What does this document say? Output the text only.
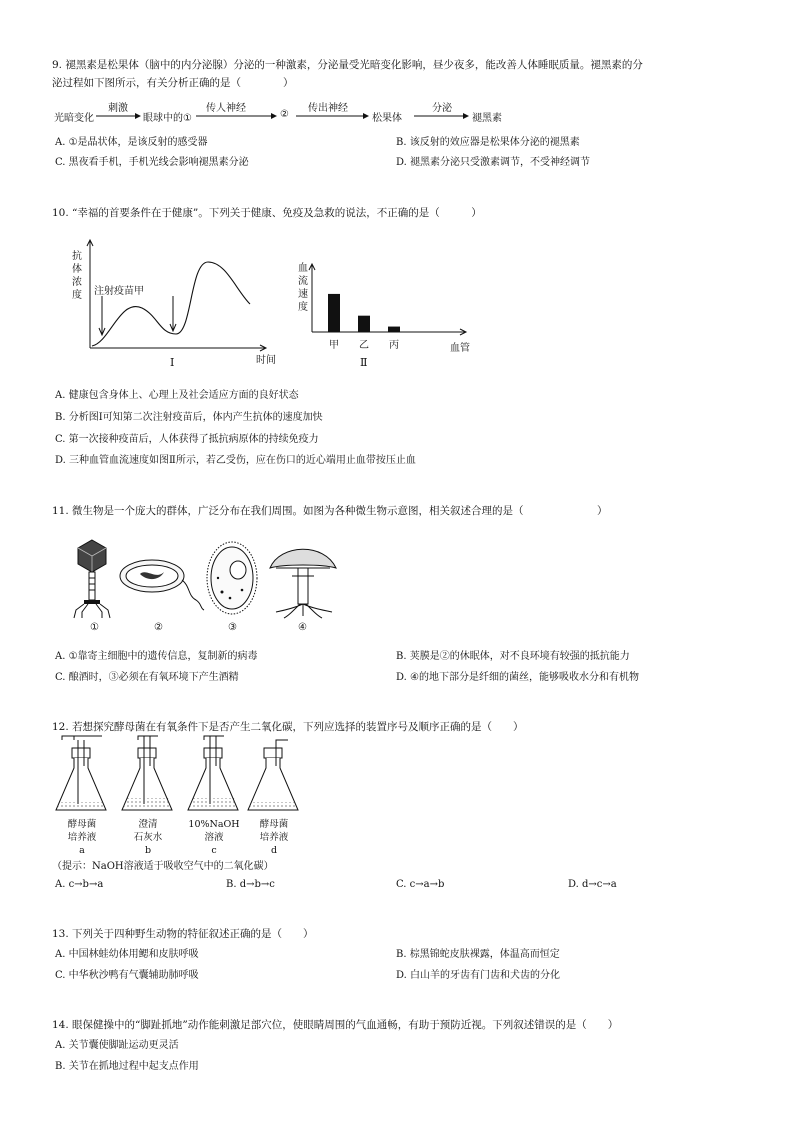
9. 褪黑素是松果体（脑中的内分泌腺）分泌的一种激素，分泌量受光暗变化影响，昼少夜多，能改善人体睡眠质量。褪黑素的分
泌过程如下图所示，有关分析正确的是（　　　　）
光暗变化
刺激
眼球中的①
传人神经
②
传出神经
松果体
分泌
褪黑素
A. ①是晶状体，是该反射的感受器	B. 该反射的效应器是松果体分泌的褪黑素
C. 黑夜看手机，手机光线会影响褪黑素分泌	D. 褪黑素分泌只受激素调节，不受神经调节
10. “幸福的首要条件在于健康”。下列关于健康、免疫及急救的说法，不正确的是（　　　）
抗
体
浓
度 注射疫苗甲
时间
Ⅰ
血
流
速
度
甲 乙 丙	血管
Ⅱ
A. 健康包含身体上、心理上及社会适应方面的良好状态
B. 分析图Ⅰ可知第二次注射疫苗后，体内产生抗体的速度加快
C. 第一次接种疫苗后，人体获得了抵抗病原体的持续免疫力
D. 三种血管血流速度如图Ⅱ所示，若乙受伤，应在伤口的近心端用止血带按压止血
11. 微生物是一个庞大的群体，广泛分布在我们周围。如图为各种微生物示意图，相关叙述合理的是（　　　　　　　）
①	②	③	④
A. ①靠寄主细胞中的遗传信息，复制新的病毒	B. 荚膜是②的休眠体，对不良环境有较强的抵抗能力
C. 酿酒时，③必须在有氧环境下产生酒精	D. ④的地下部分是纤细的菌丝，能够吸收水分和有机物
12. 若想探究酵母菌在有氧条件下是否产生二氧化碳，下列应选择的装置序号及顺序正确的是（　　）
酵母菌
培养液
a
澄清
石灰水
b
10%NaOH
溶液
c
酵母菌
培养液
d
（提示：NaOH溶液适于吸收空气中的二氧化碳）
A. c→b→a	B. d→b→c	C. c→a→b	D. d→c→a
13. 下列关于四种野生动物的特征叙述正确的是（　　）
A. 中国林蛙幼体用鳃和皮肤呼吸	B. 棕黑锦蛇皮肤裸露，体温高而恒定
C. 中华秋沙鸭有气囊辅助肺呼吸	D. 白山羊的牙齿有门齿和犬齿的分化
14. 眼保健操中的“脚趾抓地”动作能刺激足部穴位，使眼睛周围的气血通畅，有助于预防近视。下列叙述错误的是（　　）
A. 关节囊使脚趾运动更灵活
B. 关节在抓地过程中起支点作用
